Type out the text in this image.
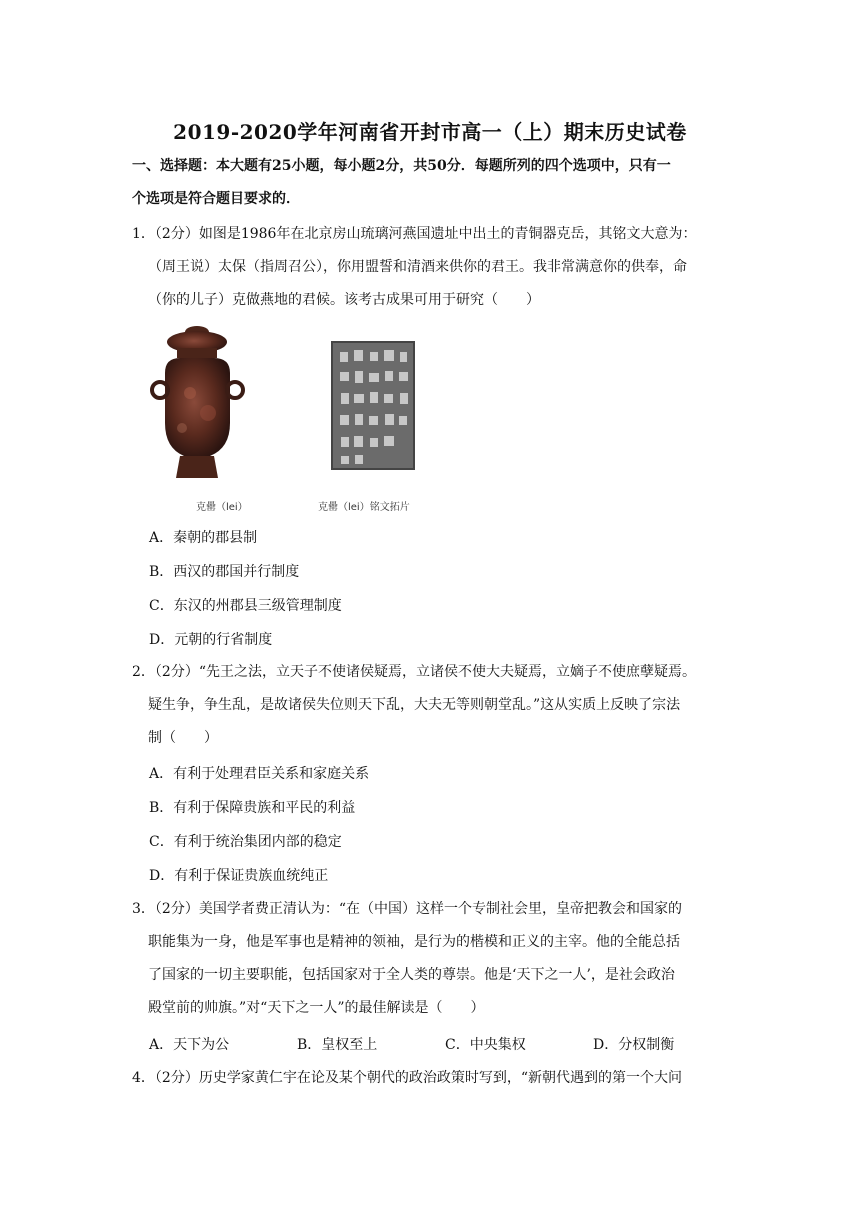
2019-2020学年河南省开封市高一（上）期末历史试卷
一、选择题：本大题有25小题，每小题2分，共50分．每题所列的四个选项中，只有一
个选项是符合题目要求的．
1．（2分）如图是1986年在北京房山琉璃河燕国遗址中出土的青铜器克岳，其铭文大意为：
（周王说）太保（指周召公），你用盟誓和清酒来供你的君王。我非常满意你的供奉，命
（你的儿子）克做燕地的君候。该考古成果可用于研究（　　）
克罍（lei）	克罍（lei）铭文拓片
A．秦朝的郡县制
B．西汉的郡国并行制度
C．东汉的州郡县三级管理制度
D．元朝的行省制度
2．（2分）“先王之法，立天子不使诸侯疑焉，立诸侯不使大夫疑焉，立嫡子不使庶孽疑焉。
疑生争，争生乱，是故诸侯失位则天下乱，大夫无等则朝堂乱。”这从实质上反映了宗法
制（　　）
A．有利于处理君臣关系和家庭关系
B．有利于保障贵族和平民的利益
C．有利于统治集团内部的稳定
D．有利于保证贵族血统纯正
3．（2分）美国学者费正清认为：“在（中国）这样一个专制社会里，皇帝把教会和国家的
职能集为一身，他是军事也是精神的领袖，是行为的楷模和正义的主宰。他的全能总括
了国家的一切主要职能，包括国家对于全人类的尊崇。他是‘天下之一人’，是社会政治
殿堂前的帅旗。”对“天下之一人”的最佳解读是（　　）
A．天下为公	B．皇权至上	C．中央集权	D．分权制衡
4．（2分）历史学家黄仁宇在论及某个朝代的政治政策时写到，“新朝代遇到的第一个大问
